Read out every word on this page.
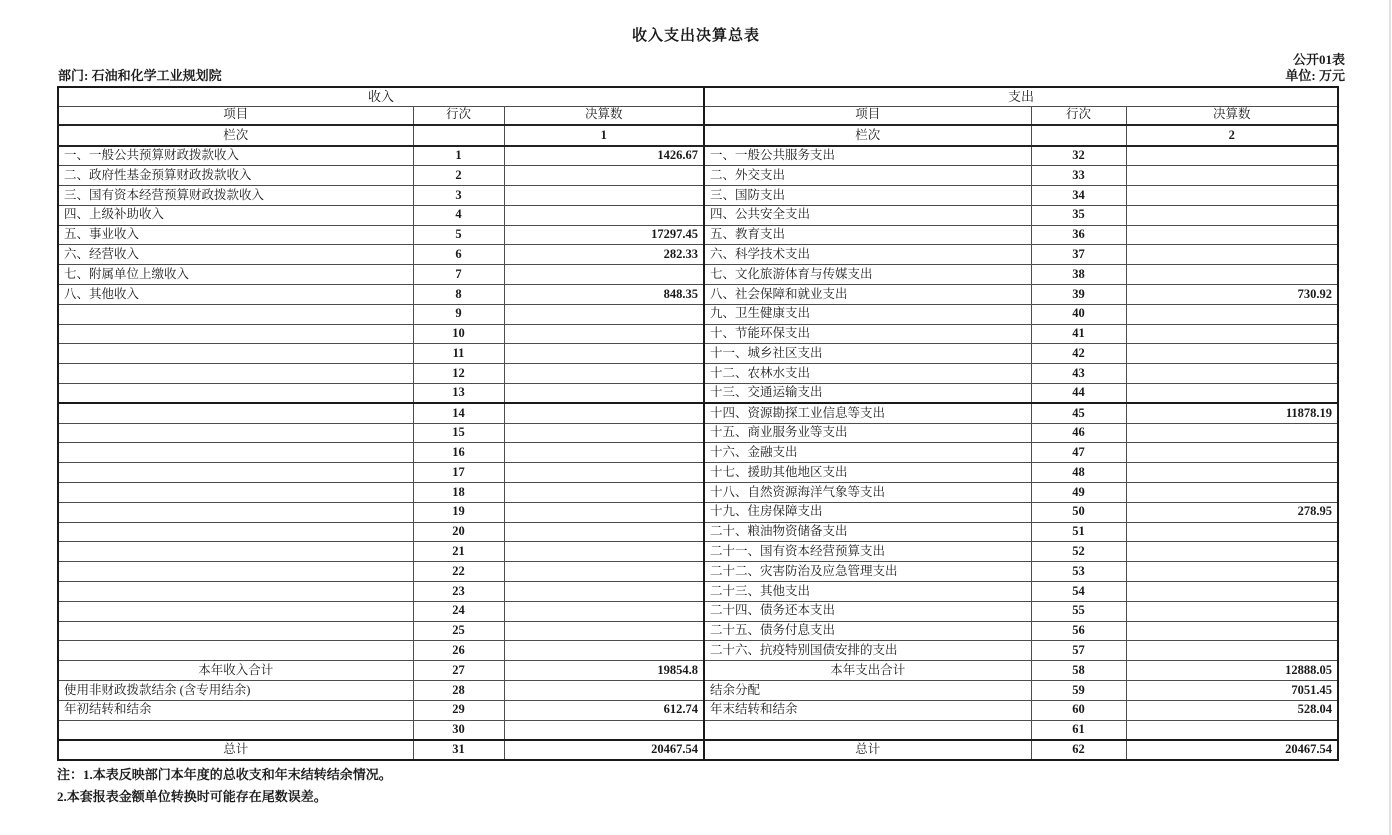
收入支出决算总表
公开01表
部门: 石油和化学工业规划院	单位: 万元
收入			支出		
项目	行次	决算数	项目	行次	决算数
栏次		1	栏次		2
一、一般公共预算财政拨款收入	1	1426.67	一、一般公共服务支出	32	
二、政府性基金预算财政拨款收入	2		二、外交支出	33	
三、国有资本经营预算财政拨款收入	3		三、国防支出	34	
四、上级补助收入	4		四、公共安全支出	35	
五、事业收入	5	17297.45	五、教育支出	36	
六、经营收入	6	282.33	六、科学技术支出	37	
七、附属单位上缴收入	7		七、文化旅游体育与传媒支出	38	
八、其他收入	8	848.35	八、社会保障和就业支出	39	730.92
	9		九、卫生健康支出	40	
	10		十、节能环保支出	41	
	11		十一、城乡社区支出	42	
	12		十二、农林水支出	43	
	13		十三、交通运输支出	44	
	14		十四、资源勘探工业信息等支出	45	11878.19
	15		十五、商业服务业等支出	46	
	16		十六、金融支出	47	
	17		十七、援助其他地区支出	48	
	18		十八、自然资源海洋气象等支出	49	
	19		十九、住房保障支出	50	278.95
	20		二十、粮油物资储备支出	51	
	21		二十一、国有资本经营预算支出	52	
	22		二十二、灾害防治及应急管理支出	53	
	23		二十三、其他支出	54	
	24		二十四、债务还本支出	55	
	25		二十五、债务付息支出	56	
	26		二十六、抗疫特别国债安排的支出	57	
本年收入合计	27	19854.8	本年支出合计	58	12888.05
使用非财政拨款结余 (含专用结余)	28		结余分配	59	7051.45
年初结转和结余	29	612.74	年末结转和结余	60	528.04
	30			61	
总计	31	20467.54	总计	62	20467.54
注：1.本表反映部门本年度的总收支和年末结转结余情况。
2.本套报表金额单位转换时可能存在尾数误差。
